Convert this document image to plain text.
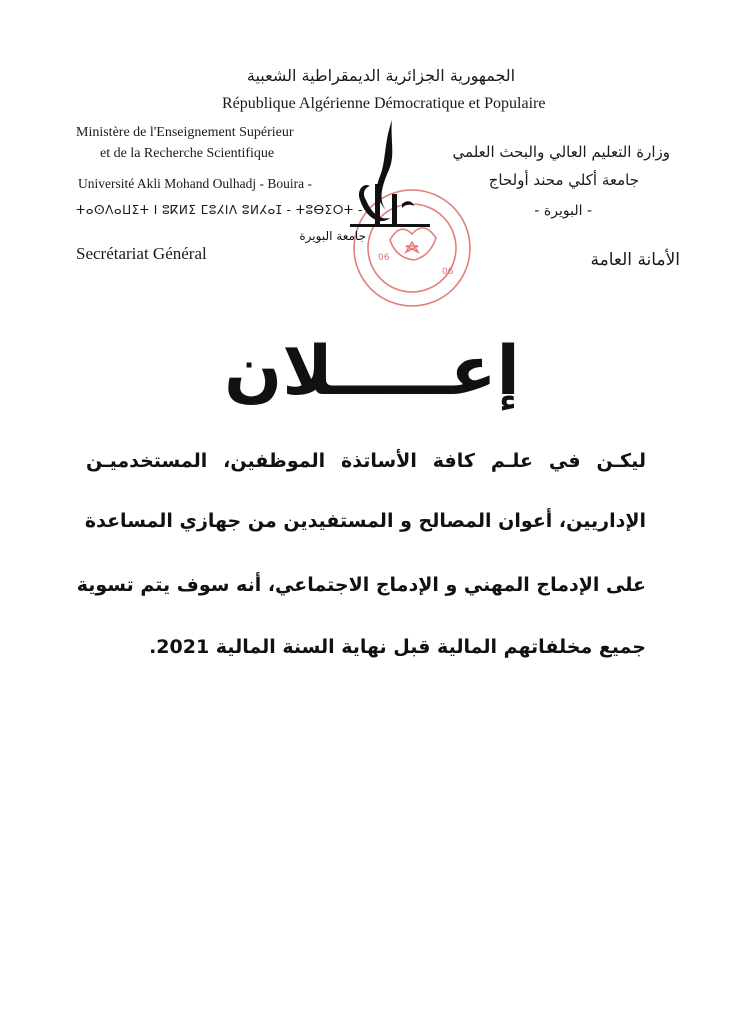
الجمهورية الجزائرية الديمقراطية الشعبية
République Algérienne Démocratique et Populaire
Ministère de l'Enseignement Supérieur
et de la Recherche Scientifique
Université Akli Mohand Oulhadj - Bouira -
ⵜⴰⵙⴷⴰⵡⵉⵜ ⵏ ⵓⴽⵍⵉ ⵎⵓⵃⵏⴷ ⵓⵍⵃⴰⵊ - ⵜⵓⴱⵉⵔⵜ -
Secrétariat Général
وزارة التعليم العالي والبحث العلمي
جامعة أكلي محند أولحاج
- البويرة -
الأمانة العامة
06
06
جامعة البويرة
إعـــــلان
ليكـن في علـم كافة الأساتذة الموظفين، المستخدميـن
الإداريين، أعوان المصالح و المستفيدين من جهازي المساعدة
على الإدماج المهني و الإدماج الاجتماعي، أنه سوف يتم تسوية
جميع مخلفاتهم المالية قبل نهاية السنة المالية 2021.
